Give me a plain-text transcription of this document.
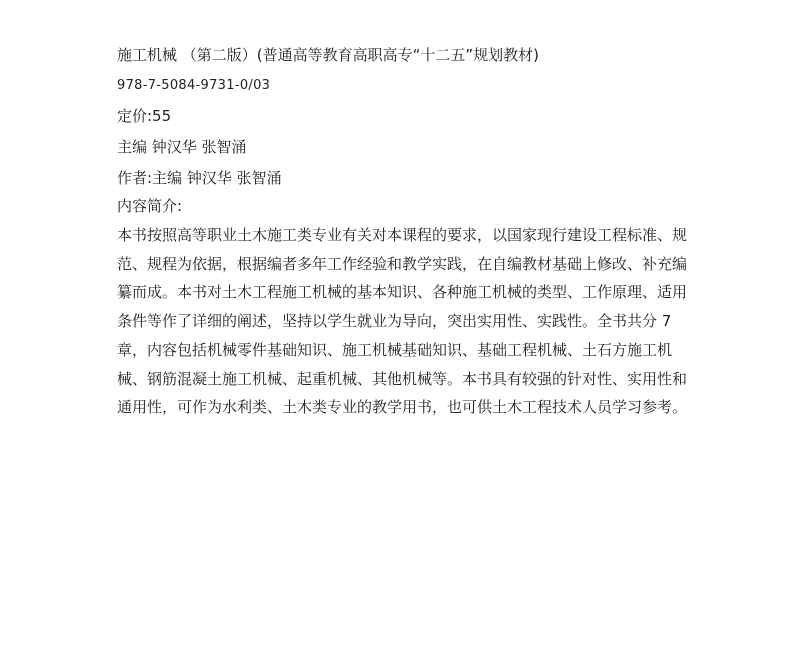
施工机械 （第二版）(普通高等教育高职高专“十二五”规划教材)
978-7-5084-9731-0/03
定价:55
主编 钟汉华 张智涌
作者:主编 钟汉华 张智涌
内容简介:
本书按照高等职业土木施工类专业有关对本课程的要求，以国家现行建设工程标准、规范、规程为依据，根据编者多年工作经验和教学实践，在自编教材基础上修改、补充编纂而成。本书对土木工程施工机械的基本知识、各种施工机械的类型、工作原理、适用条件等作了详细的阐述，坚持以学生就业为导向，突出实用性、实践性。全书共分 7 章，内容包括机械零件基础知识、施工机械基础知识、基础工程机械、土石方施工机械、钢筋混凝土施工机械、起重机械、其他机械等。本书具有较强的针对性、实用性和通用性，可作为水利类、土木类专业的教学用书，也可供土木工程技术人员学习参考。
